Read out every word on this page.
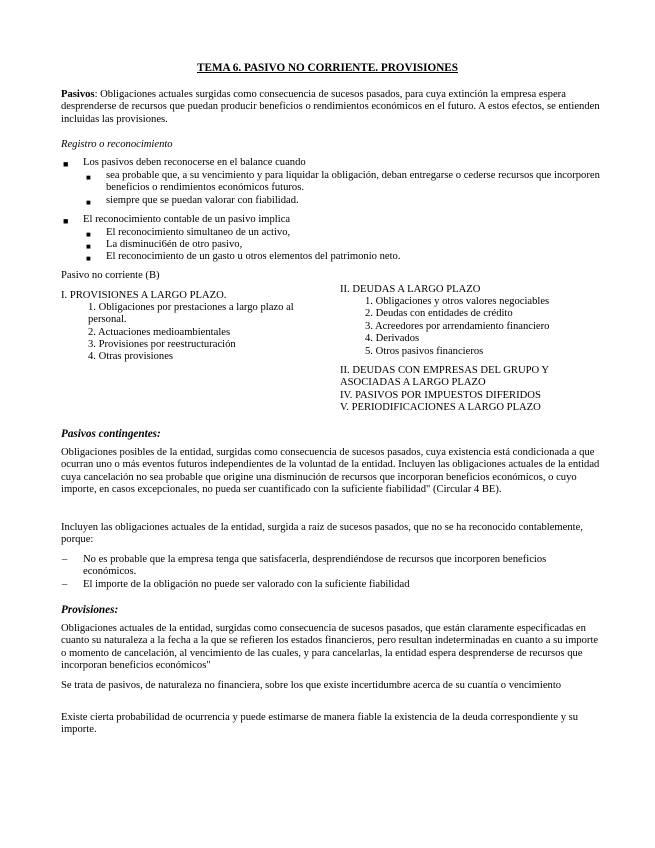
TEMA 6. PASIVO NO CORRIENTE. PROVISIONES
Pasivos: Obligaciones actuales surgidas como consecuencia de sucesos pasados, para cuya extinción la empresa espera desprenderse de recursos que puedan producir beneficios o rendimientos económicos en el futuro. A estos efectos, se entienden incluidas las provisiones.
Registro o reconocimiento
■ Los pasivos deben reconocerse en el balance cuando
■ sea probable que, a su vencimiento y para liquidar la obligación, deban entregarse o cederse recursos que incorporen beneficios o rendimientos económicos futuros.
■ siempre que se puedan valorar con fiabilidad.
■ El reconocimiento contable de un pasivo implica
■ El reconocimiento simultaneo de un activo,
■ La disminuci6én de otro pasivo,
■ El reconocimiento de un gasto u otros elementos del patrimonio neto.
Pasivo no corriente (B)
I. PROVISIONES A LARGO PLAZO.
1. Obligaciones por prestaciones a largo plazo al personal.
2. Actuaciones medioambientales
3. Provisiones por reestructuración
4. Otras provisiones
II. DEUDAS A LARGO PLAZO
1. Obligaciones y otros valores negociables
2. Deudas con entidades de crédito
3. Acreedores por arrendamiento financiero
4. Derivados
5. Otros pasivos financieros
II. DEUDAS CON EMPRESAS DEL GRUPO Y ASOCIADAS A LARGO PLAZO
IV. PASIVOS POR IMPUESTOS DIFERIDOS
V. PERIODIFICACIONES A LARGO PLAZO
Pasivos contingentes:
Obligaciones posibles de la entidad, surgidas como consecuencia de sucesos pasados, cuya existencia está condicionada a que ocurran uno o más eventos futuros independientes de la voluntad de la entidad. Incluyen las obligaciones actuales de la entidad cuya cancelación no sea probable que origine una disminución de recursos que incorporan beneficios económicos, o cuyo importe, en casos excepcionales, no pueda ser cuantificado con la suficiente fiabilidad" (Circular 4 BE).
Incluyen las obligaciones actuales de la entidad, surgida a raíz de sucesos pasados, que no se ha reconocido contablemente, porque:
– No es probable que la empresa tenga que satisfacerla, desprendiéndose de recursos que incorporen beneficios económicos.
– El importe de la obligación no puede ser valorado con la suficiente fiabilidad
Provisiones:
Obligaciones actuales de la entidad, surgidas como consecuencia de sucesos pasados, que están claramente especificadas en cuanto su naturaleza a la fecha a la que se refieren los estados financieros, pero resultan indeterminadas en cuanto a su importe o momento de cancelación, al vencimiento de las cuales, y para cancelarlas, la entidad espera desprenderse de recursos que incorporan beneficios económicos"
Se trata de pasivos, de naturaleza no financiera, sobre los que existe incertidumbre acerca de su cuantía o vencimiento
Existe cierta probabilidad de ocurrencia y puede estimarse de manera fiable la existencia de la deuda correspondiente y su importe.
